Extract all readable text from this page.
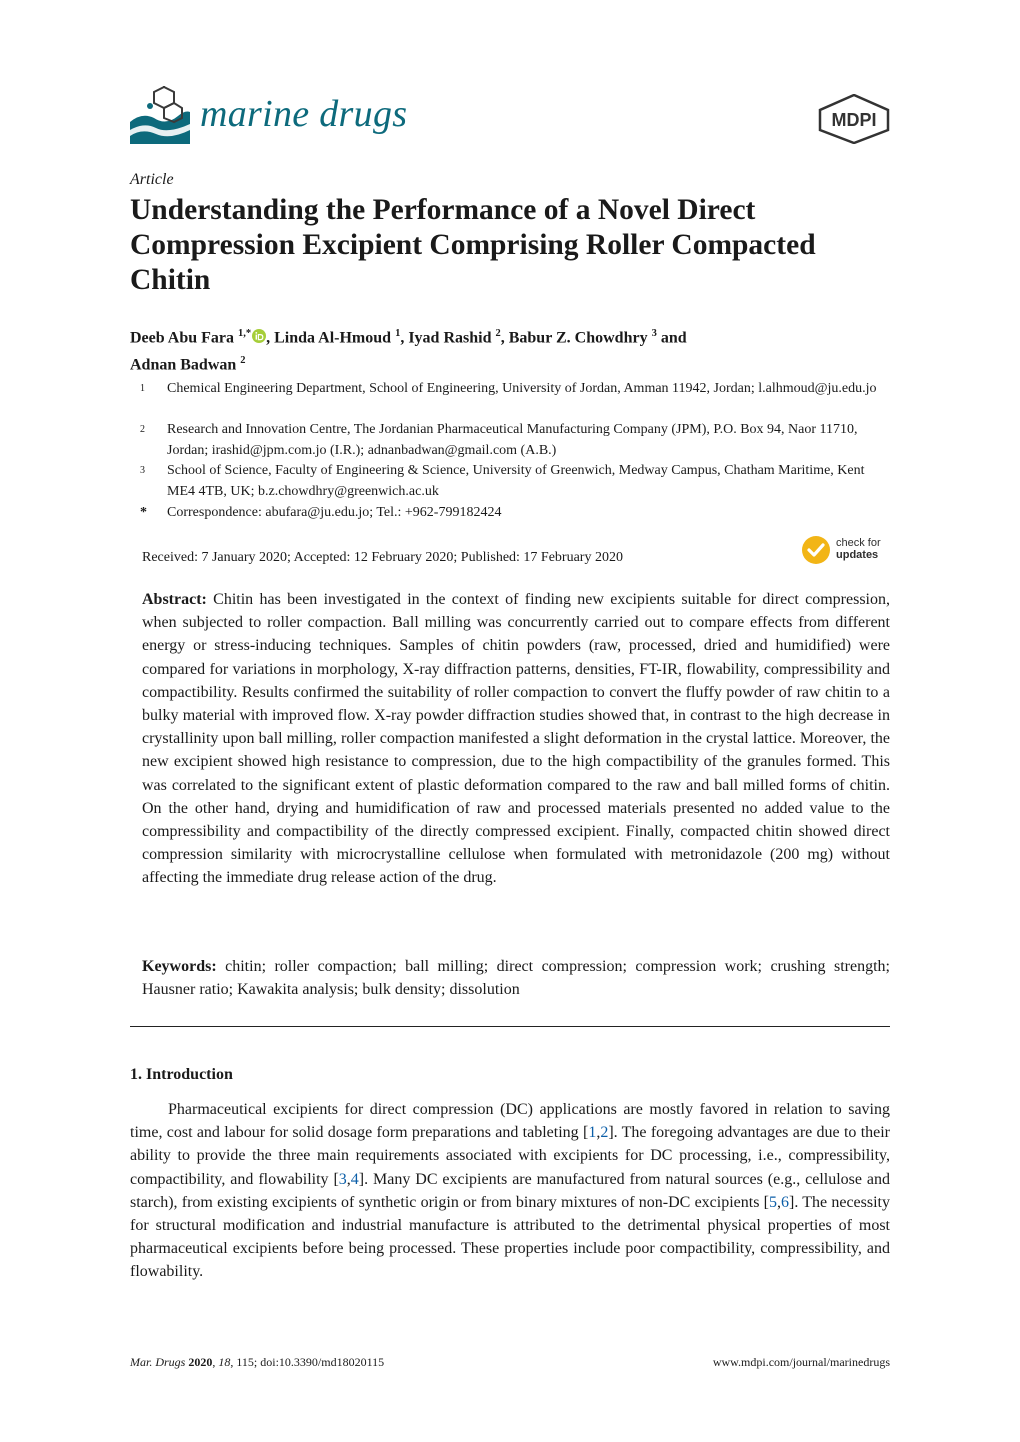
marine drugs	MDPI
Article
Understanding the Performance of a Novel Direct Compression Excipient Comprising Roller Compacted Chitin
Deeb Abu Fara $^{1,*}$ , Linda Al-Hmoud $^1$, Iyad Rashid $^2$, Babur Z. Chowdhry $^3$ and
Adnan Badwan $^2$
1 Chemical Engineering Department, School of Engineering, University of Jordan, Amman 11942, Jordan; l.alhmoud@ju.edu.jo
2 Research and Innovation Centre, The Jordanian Pharmaceutical Manufacturing Company (JPM), P.O. Box 94, Naor 11710, Jordan; irashid@jpm.com.jo (I.R.); adnanbadwan@gmail.com (A.B.)
3 School of Science, Faculty of Engineering & Science, University of Greenwich, Medway Campus, Chatham Maritime, Kent ME4 4TB, UK; b.z.chowdhry@greenwich.ac.uk
* Correspondence: abufara@ju.edu.jo; Tel.: +962-799182424
Received: 7 January 2020; Accepted: 12 February 2020; Published: 17 February 2020
check for
updates
Abstract: Chitin has been investigated in the context of finding new excipients suitable for direct compression, when subjected to roller compaction. Ball milling was concurrently carried out to compare effects from different energy or stress-inducing techniques. Samples of chitin powders (raw, processed, dried and humidified) were compared for variations in morphology, X-ray diffraction patterns, densities, FT-IR, flowability, compressibility and compactibility. Results confirmed the suitability of roller compaction to convert the fluffy powder of raw chitin to a bulky material with improved flow. X-ray powder diffraction studies showed that, in contrast to the high decrease in crystallinity upon ball milling, roller compaction manifested a slight deformation in the crystal lattice. Moreover, the new excipient showed high resistance to compression, due to the high compactibility of the granules formed. This was correlated to the significant extent of plastic deformation compared to the raw and ball milled forms of chitin. On the other hand, drying and humidification of raw and processed materials presented no added value to the compressibility and compactibility of the directly compressed excipient. Finally, compacted chitin showed direct compression similarity with microcrystalline cellulose when formulated with metronidazole (200 mg) without affecting the immediate drug release action of the drug.
Keywords: chitin; roller compaction; ball milling; direct compression; compression work; crushing strength; Hausner ratio; Kawakita analysis; bulk density; dissolution
1. Introduction
Pharmaceutical excipients for direct compression (DC) applications are mostly favored in relation to saving time, cost and labour for solid dosage form preparations and tableting [1,2]. The foregoing advantages are due to their ability to provide the three main requirements associated with excipients for DC processing, i.e., compressibility, compactibility, and flowability [3,4]. Many DC excipients are manufactured from natural sources (e.g., cellulose and starch), from existing excipients of synthetic origin or from binary mixtures of non-DC excipients [5,6]. The necessity for structural modification and industrial manufacture is attributed to the detrimental physical properties of most pharmaceutical excipients before being processed. These properties include poor compactibility, compressibility, and flowability.
Mar. Drugs 2020, 18, 115; doi:10.3390/md18020115	www.mdpi.com/journal/marinedrugs
